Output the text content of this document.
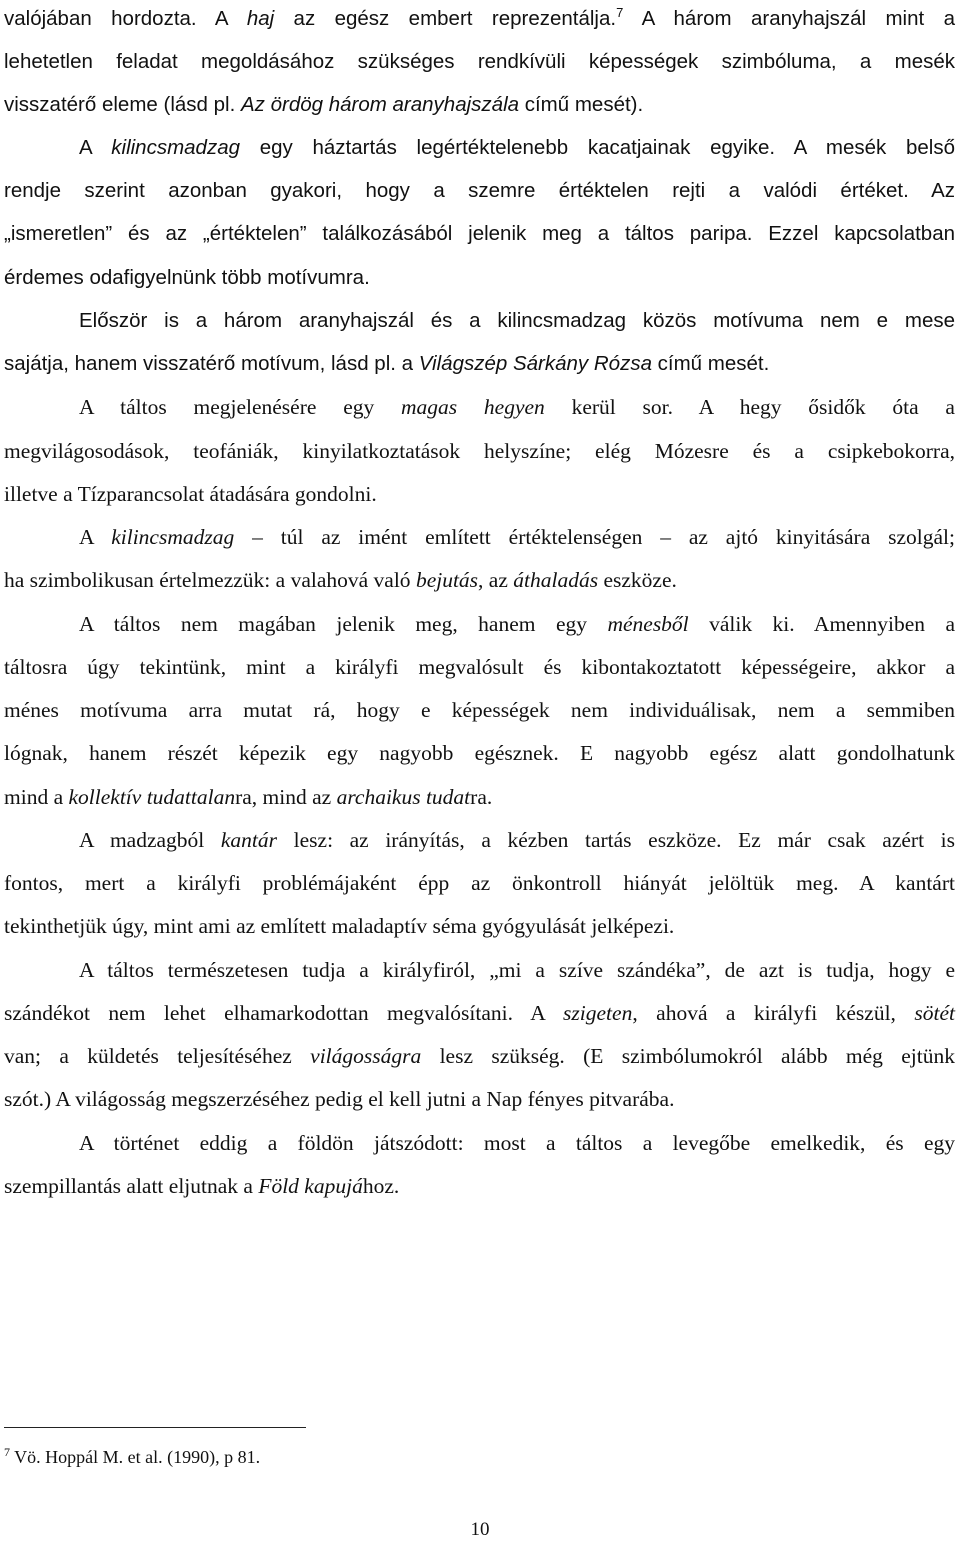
valójában hordozta. A haj az egész embert reprezentálja.$^7$ A három aranyhajszál mint a
lehetetlen feladat megoldásához szükséges rendkívüli képességek szimbóluma, a mesék
visszatérő eleme (lásd pl. Az ördög három aranyhajszála című mesét).
A kilincsmadzag egy háztartás legértéktelenebb kacatjainak egyike. A mesék belső
rendje szerint azonban gyakori, hogy a szemre értéktelen rejti a valódi értéket. Az
„ismeretlen” és az „értéktelen” találkozásából jelenik meg a táltos paripa. Ezzel kapcsolatban
érdemes odafigyelnünk több motívumra.
Először is a három aranyhajszál és a kilincsmadzag közös motívuma nem e mese
sajátja, hanem visszatérő motívum, lásd pl. a Világszép Sárkány Rózsa című mesét.
A táltos megjelenésére egy magas hegyen kerül sor. A hegy ősidők óta a
megvilágosodások, teofániák, kinyilatkoztatások helyszíne; elég Mózesre és a csipkebokorra,
illetve a Tízparancsolat átadására gondolni.
A kilincsmadzag – túl az imént említett értéktelenségen – az ajtó kinyitására szolgál;
ha szimbolikusan értelmezzük: a valahová való bejutás, az áthaladás eszköze.
A táltos nem magában jelenik meg, hanem egy ménesből válik ki. Amennyiben a
táltosra úgy tekintünk, mint a királyfi megvalósult és kibontakoztatott képességeire, akkor a
ménes motívuma arra mutat rá, hogy e képességek nem individuálisak, nem a semmiben
lógnak, hanem részét képezik egy nagyobb egésznek. E nagyobb egész alatt gondolhatunk
mind a kollektív tudattalanra, mind az archaikus tudatra.
A madzagból kantár lesz: az irányítás, a kézben tartás eszköze. Ez már csak azért is
fontos, mert a királyfi problémájaként épp az önkontroll hiányát jelöltük meg. A kantárt
tekinthetjük úgy, mint ami az említett maladaptív séma gyógyulását jelképezi.
A táltos természetesen tudja a királyfiról, „mi a szíve szándéka”, de azt is tudja, hogy e
szándékot nem lehet elhamarkodottan megvalósítani. A szigeten, ahová a királyfi készül, sötét
van; a küldetés teljesítéséhez világosságra lesz szükség. (E szimbólumokról alább még ejtünk
szót.) A világosság megszerzéséhez pedig el kell jutni a Nap fényes pitvarába.
A történet eddig a földön játszódott: most a táltos a levegőbe emelkedik, és egy
szempillantás alatt eljutnak a Föld kapujához.
$^7$ Vö. Hoppál M. et al. (1990), p 81.
10
